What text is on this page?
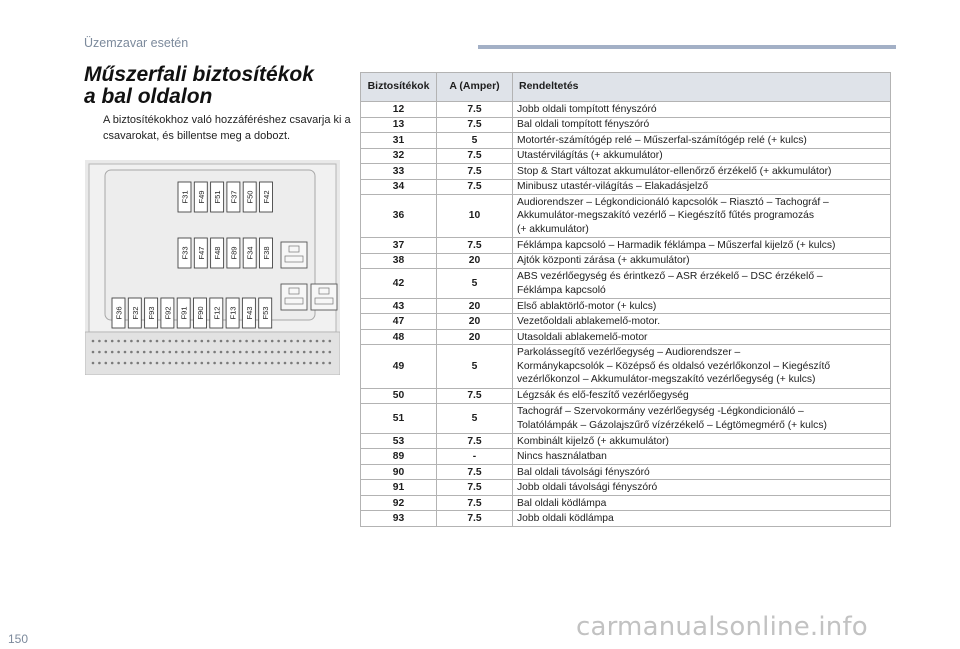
Üzemzavar esetén
Műszerfali biztosítékok
a bal oldalon
A biztosítékokhoz való hozzáféréshez csavarja ki a csavarokat, és billentse meg a dobozt.
F31 F49 F51 F37 F50 F42
F33 F47 F48 F89 F34 F38
F36 F32 F93 F92 F91 F90 F12 F13 F43 F53
Biztosítékok	A (Amper)	Rendeltetés
12	7.5	Jobb oldali tompított fényszóró

13	7.5	Bal oldali tompított fényszóró

31	5	Motortér-számítógép relé – Műszerfal-számítógép relé (+ kulcs)

32	7.5	Utastérvilágítás (+ akkumulátor)

33	7.5	Stop & Start változat akkumulátor-ellenőrző érzékelő (+ akkumulátor)

34	7.5	Minibusz utastér-világítás – Elakadásjelző

36	10	Audiorendszer – Légkondicionáló kapcsolók – Riasztó – Tachográf –
Akkumulátor-megszakító vezérlő – Kiegészítő fűtés programozás
(+ akkumulátor)

37	7.5	Féklámpa kapcsoló – Harmadik féklámpa – Műszerfal kijelző (+ kulcs)

38	20	Ajtók központi zárása (+ akkumulátor)

42	5	ABS vezérlőegység és érintkező – ASR érzékelő – DSC érzékelő –
Féklámpa kapcsoló

43	20	Első ablaktörlő-motor (+ kulcs)

47	20	Vezetőoldali ablakemelő-motor.

48	20	Utasoldali ablakemelő-motor

49	5	Parkolássegítő vezérlőegység – Audiorendszer –
Kormánykapcsolók – Középső és oldalsó vezérlőkonzol – Kiegészítő
vezérlőkonzol – Akkumulátor-megszakító vezérlőegység (+ kulcs)

50	7.5	Légzsák és elő-feszítő vezérlőegység

51	5	Tachográf – Szervokormány vezérlőegység -Légkondicionáló –
Tolatólámpák – Gázolajszűrő vízérzékelő – Légtömegmérő (+ kulcs)

53	7.5	Kombinált kijelző (+ akkumulátor)

89	-	Nincs használatban

90	7.5	Bal oldali távolsági fényszóró

91	7.5	Jobb oldali távolsági fényszóró

92	7.5	Bal oldali ködlámpa

93	7.5	Jobb oldali ködlámpa
150	carmanualsonline.info
